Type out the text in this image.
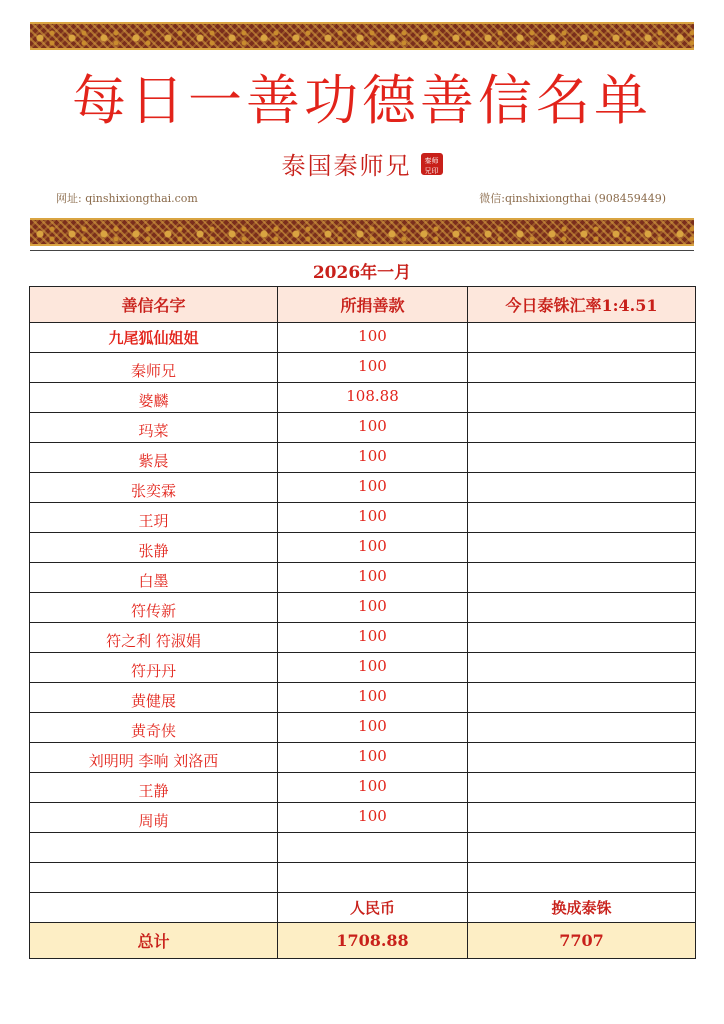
每日一善功德善信名单
泰国秦师兄 秦师
兄印
网址: qinshixiongthai.com	微信:qinshixiongthai (908459449)
2026年一月
善信名字	所捐善款	今日泰铢汇率1:4.51
九尾狐仙姐姐	100	
秦师兄	100	
婆麟	108.88	
玛菜	100	
紫晨	100	
张奕霖	100	
王玥	100	
张静	100	
白墨	100	
符传新	100	
符之利 符淑娟	100	
符丹丹	100	
黄健展	100	
黄奇侠	100	
刘明明 李响 刘洛西	100	
王静	100	
周萌	100	

	人民币	换成泰铢
总计	1708.88	7707
